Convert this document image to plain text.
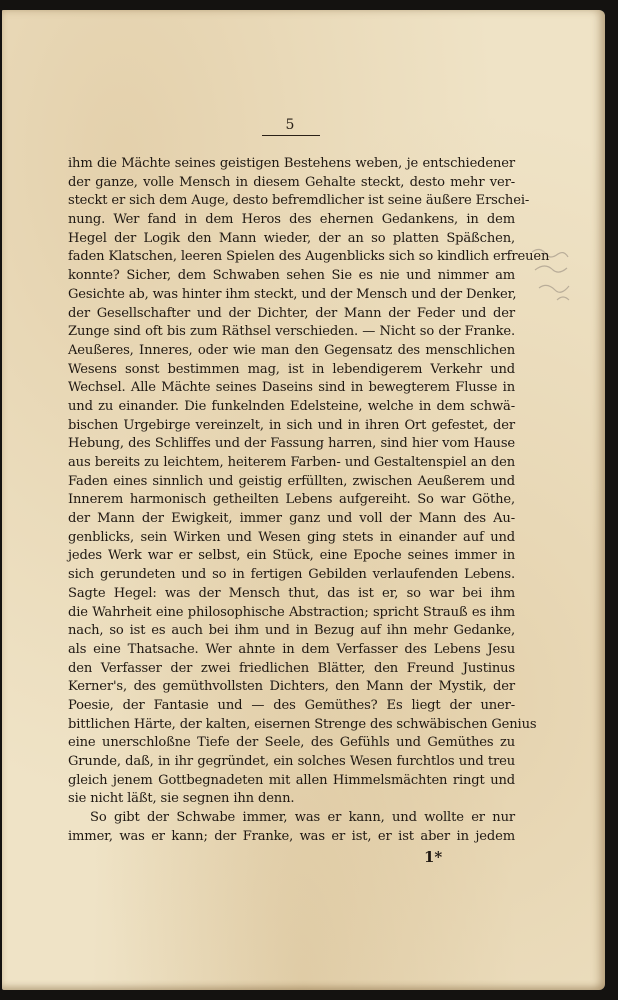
5
ihm die Mächte seines geistigen Bestehens weben, je entschiedener
der ganze, volle Mensch in diesem Gehalte steckt, desto mehr ver-
steckt er sich dem Auge, desto befremdlicher ist seine äußere Erschei-
nung. Wer fand in dem Heros des ehernen Gedankens, in dem
Hegel der Logik den Mann wieder, der an so platten Späßchen,
faden Klatschen, leeren Spielen des Augenblicks sich so kindlich erfreuen
konnte? Sicher, dem Schwaben sehen Sie es nie und nimmer am
Gesichte ab, was hinter ihm steckt, und der Mensch und der Denker,
der Gesellschafter und der Dichter, der Mann der Feder und der
Zunge sind oft bis zum Räthsel verschieden. — Nicht so der Franke.
Aeußeres, Inneres, oder wie man den Gegensatz des menschlichen
Wesens sonst bestimmen mag, ist in lebendigerem Verkehr und
Wechsel. Alle Mächte seines Daseins sind in bewegterem Flusse in
und zu einander. Die funkelnden Edelsteine, welche in dem schwä-
bischen Urgebirge vereinzelt, in sich und in ihren Ort gefestet, der
Hebung, des Schliffes und der Fassung harren, sind hier vom Hause
aus bereits zu leichtem, heiterem Farben- und Gestaltenspiel an den
Faden eines sinnlich und geistig erfüllten, zwischen Aeußerem und
Innerem harmonisch getheilten Lebens aufgereiht. So war Göthe,
der Mann der Ewigkeit, immer ganz und voll der Mann des Au-
genblicks, sein Wirken und Wesen ging stets in einander auf und
jedes Werk war er selbst, ein Stück, eine Epoche seines immer in
sich gerundeten und so in fertigen Gebilden verlaufenden Lebens.
Sagte Hegel: was der Mensch thut, das ist er, so war bei ihm
die Wahrheit eine philosophische Abstraction; spricht Strauß es ihm
nach, so ist es auch bei ihm und in Bezug auf ihn mehr Gedanke,
als eine Thatsache. Wer ahnte in dem Verfasser des Lebens Jesu
den Verfasser der zwei friedlichen Blätter, den Freund Justinus
Kerner's, des gemüthvollsten Dichters, den Mann der Mystik, der
Poesie, der Fantasie und — des Gemüthes? Es liegt der uner-
bittlichen Härte, der kalten, eisernen Strenge des schwäbischen Genius
eine unerschloßne Tiefe der Seele, des Gefühls und Gemüthes zu
Grunde, daß, in ihr gegründet, ein solches Wesen furchtlos und treu
gleich jenem Gottbegnadeten mit allen Himmelsmächten ringt und
sie nicht läßt, sie segnen ihn denn.
So gibt der Schwabe immer, was er kann, und wollte er nur
immer, was er kann; der Franke, was er ist, er ist aber in jedem
1*
